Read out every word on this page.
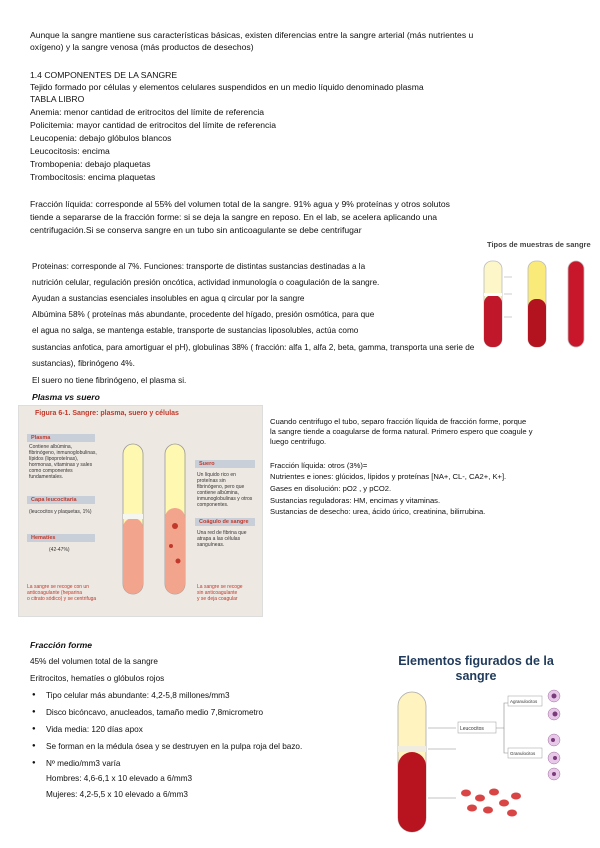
Aunque la sangre mantiene sus características básicas, existen diferencias entre la sangre arterial (más nutrientes u
oxígeno) y la sangre venosa (más productos de desechos)
1.4 COMPONENTES DE LA SANGRE
Tejido formado por células y elementos celulares suspendidos en un medio líquido denominado plasma
TABLA LIBRO
Anemia: menor cantidad de eritrocitos del límite de referencia
Policitemia: mayor cantidad de eritrocitos del límite de referencia
Leucopenia: debajo glóbulos blancos
Leucocitosis: encima
Trombopenia: debajo plaquetas
Trombocitosis: encima plaquetas
Fracción líquida: corresponde al 55% del volumen total de la sangre. 91% agua y 9% proteínas y otros solutos
tiende a separarse de la fracción forme: si se deja la sangre en reposo. En el lab, se acelera aplicando una
centrifugación.Si se conserva sangre en un tubo sin anticoagulante se debe centrifugar
Tipos de muestras de sangre
Proteinas: corresponde al 7%. Funciones: transporte de distintas sustancias destinadas a la
nutrición celular, regulación presión oncótica, actividad inmunología o coagulación de la sangre.
Ayudan a sustancias esenciales insolubles en agua q circular por la sangre
Albúmina 58% ( proteínas más abundante, procedente del hígado, presión osmótica, para que
el agua no salga, se mantenga estable, transporte de sustancias liposolubles, actúa como
sustancias anfotica, para amortiguar el pH), globulinas 38% ( fracción: alfa 1, alfa 2, beta, gamma, transporta una serie de
sustancias), fibrinógeno 4%.
El suero no tiene fibrinógeno, el plasma si.
Plasma vs suero
Figura 6-1. Sangre: plasma, suero y células
Plasma
Contiene albúmina,
fibrinógeno, inmunoglobulinas,
lípidos (lipoproteínas),
hormonas, vitaminas y sales
como componentes
fundamentales.
Capa leucocitaria
(leucocitos y plaquetas, 1%)
Hematíes
(42-47%)
La sangre se recoge con un
anticoagulante (heparina
o citrato sódico) y se centrifuga
Suero
Un líquido rico en
proteínas sin
fibrinógeno, pero que
contiene albúmina,
inmunoglobulinas y otros
componentes.
Coágulo de sangre
Una red de fibrina que
atrapa a las células
sanguíneas.
La sangre se recoge
sin anticoagulante
y se deja coagular
Cuando centrifugo el tubo, separo fracción líquida de fracción forme, porque
la sangre tiende a coagularse de forma natural. Primero espero que coagule y
luego centrifugo.
Fracción líquida: otros (3%)=
Nutrientes e iones: glúcidos, lípidos y proteínas [NA+, CL-, CA2+, K+].
Gases en disolución: pO2 , y pCO2.
Sustancias reguladoras: HM, encimas y vitaminas.
Sustancias de desecho: urea, ácido úrico, creatinina, bilirrubina.
Fracción forme
45% del volumen total de la sangre
Eritrocitos, hematíes o glóbulos rojos
● Tipo celular más abundante: 4,2-5,8 millones/mm3
● Disco bicóncavo, anucleados, tamaño medio 7,8micrometro
● Vida media: 120 días apox
● Se forman en la médula ósea y se destruyen en la pulpa roja del bazo.
● Nº medio/mm3 varía
Hombres: 4,6-6,1 x 10 elevado a 6/mm3
Mujeres: 4,2-5,5 x 10 elevado a 6/mm3
Elementos figurados de la
sangre
Leucocitos
Agranulocitos
Granulocitos
